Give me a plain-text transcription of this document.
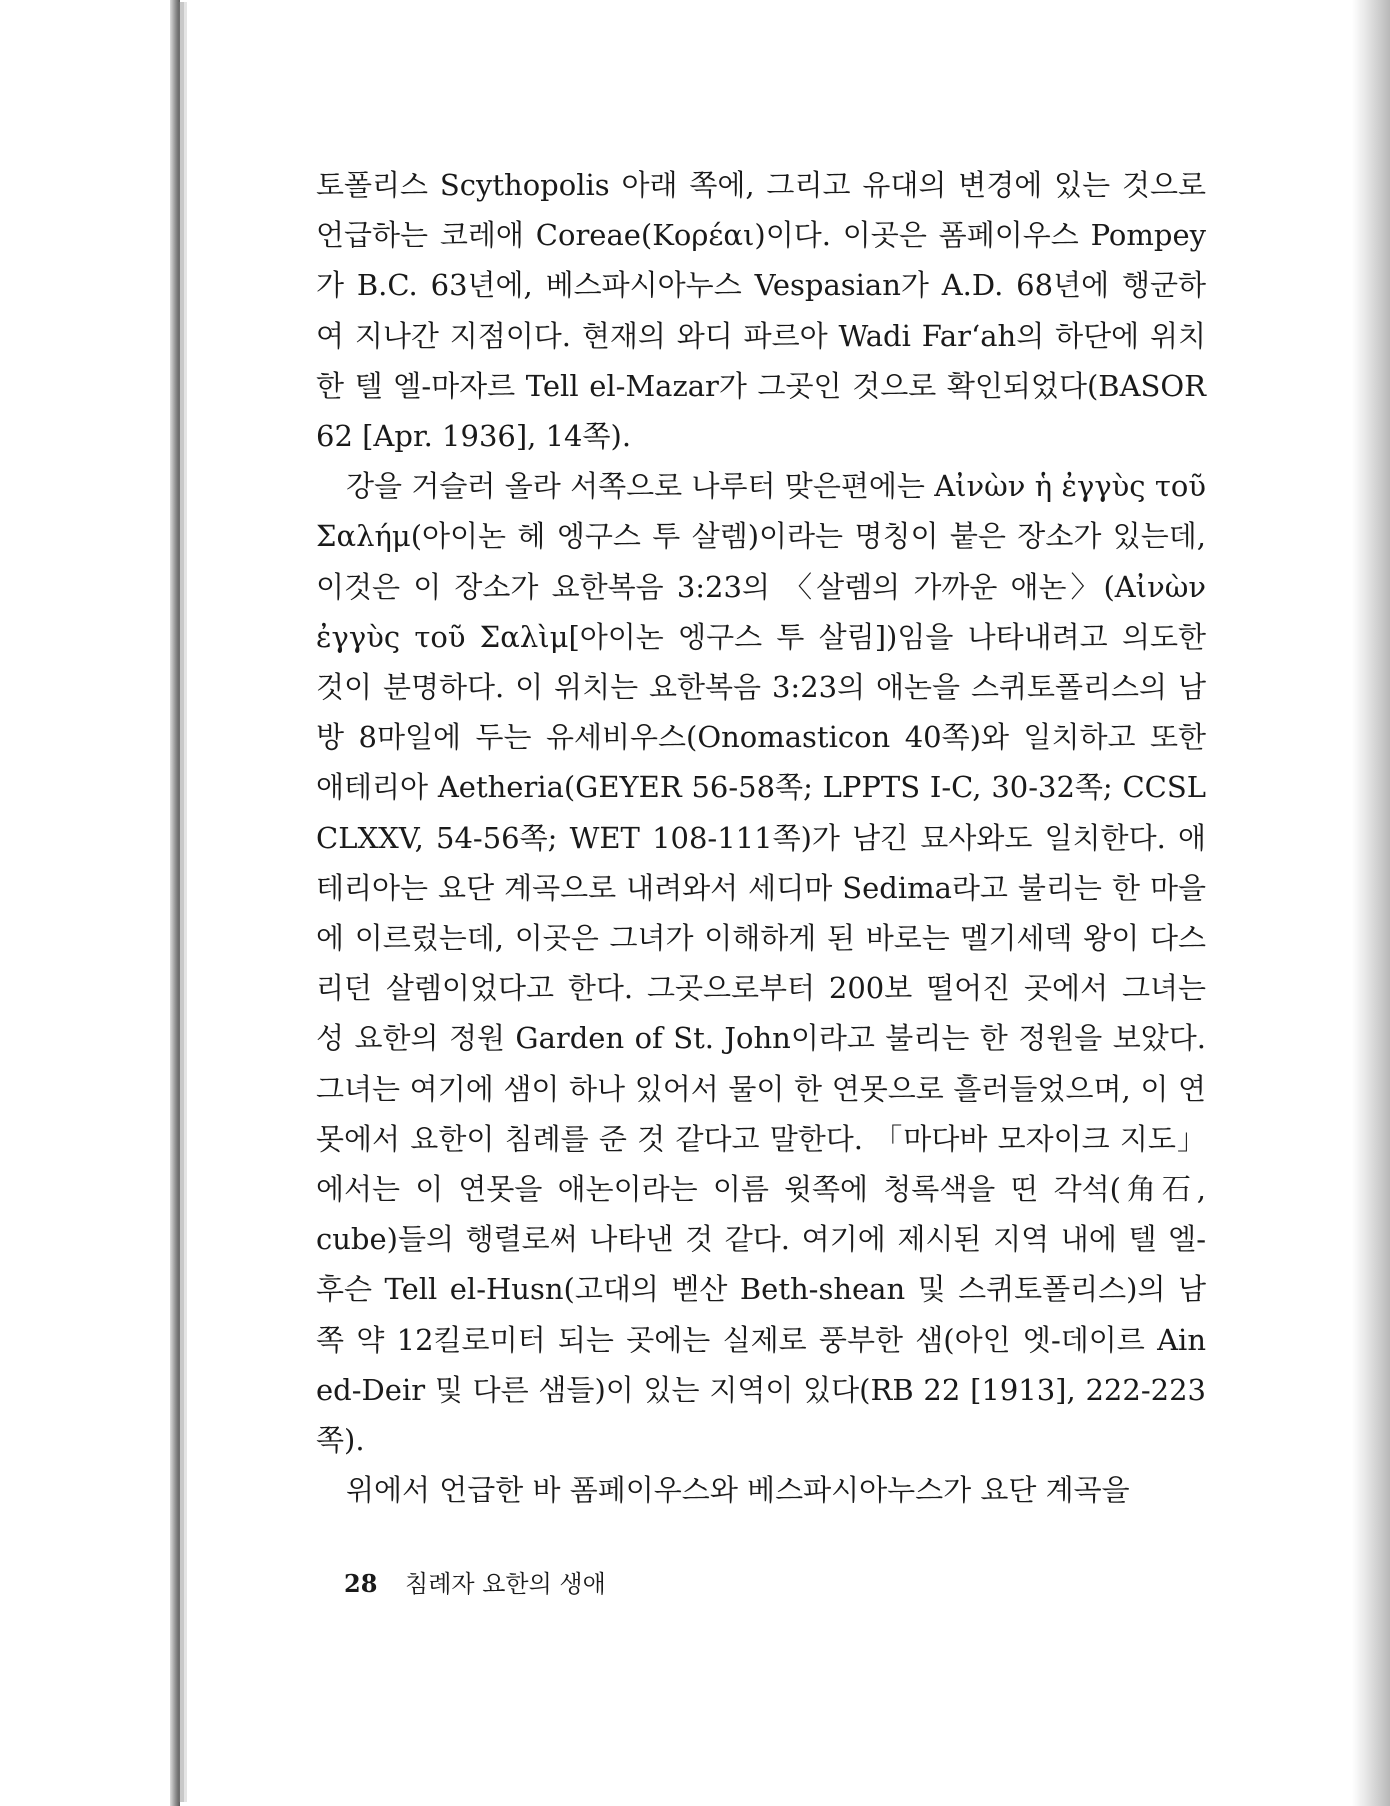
토폴리스 Scythopolis 아래 쪽에, 그리고 유대의 변경에 있는 것으로 언급하는 코레애 Coreae(Κορέαι)이다. 이곳은 폼페이우스 Pompey가 B.C. 63년에, 베스파시아누스 Vespasian가 A.D. 68년에 행군하여 지나간 지점이다. 현재의 와디 파르아 Wadi Far‘ah의 하단에 위치한 텔 엘-마자르 Tell el-Mazar가 그곳인 것으로 확인되었다(BASOR 62 [Apr. 1936], 14쪽).

강을 거슬러 올라 서쪽으로 나루터 맞은편에는 Αἰνὼν ἡ ἐγγὺς τοῦ Σαλήμ(아이논 헤 엥구스 투 살렘)이라는 명칭이 붙은 장소가 있는데, 이것은 이 장소가 요한복음 3:23의 〈살렘의 가까운 애논〉(Αἰνὼν ἐγγὺς τοῦ Σαλὶμ[아이논 엥구스 투 살림])임을 나타내려고 의도한 것이 분명하다. 이 위치는 요한복음 3:23의 애논을 스퀴토폴리스의 남방 8마일에 두는 유세비우스(Onomasticon 40쪽)와 일치하고 또한 애테리아 Aetheria(GEYER 56-58쪽; LPPTS I-C, 30-32쪽; CCSL CLXXV, 54-56쪽; WET 108-111쪽)가 남긴 묘사와도 일치한다. 애테리아는 요단 계곡으로 내려와서 세디마 Sedima라고 불리는 한 마을에 이르렀는데, 이곳은 그녀가 이해하게 된 바로는 멜기세덱 왕이 다스리던 살렘이었다고 한다. 그곳으로부터 200보 떨어진 곳에서 그녀는 성 요한의 정원 Garden of St. John이라고 불리는 한 정원을 보았다. 그녀는 여기에 샘이 하나 있어서 물이 한 연못으로 흘러들었으며, 이 연못에서 요한이 침례를 준 것 같다고 말한다. 「마다바 모자이크 지도」에서는 이 연못을 애논이라는 이름 윗쪽에 청록색을 띤 각석(角石, cube)들의 행렬로써 나타낸 것 같다. 여기에 제시된 지역 내에 텔 엘-후슨 Tell el-Husn(고대의 벧산 Beth-shean 및 스퀴토폴리스)의 남쪽 약 12킬로미터 되는 곳에는 실제로 풍부한 샘(아인 엣-데이르 Ain ed-Deir 및 다른 샘들)이 있는 지역이 있다(RB 22 [1913], 222-223쪽).

위에서 언급한 바 폼페이우스와 베스파시아누스가 요단 계곡을

28 침례자 요한의 생애
